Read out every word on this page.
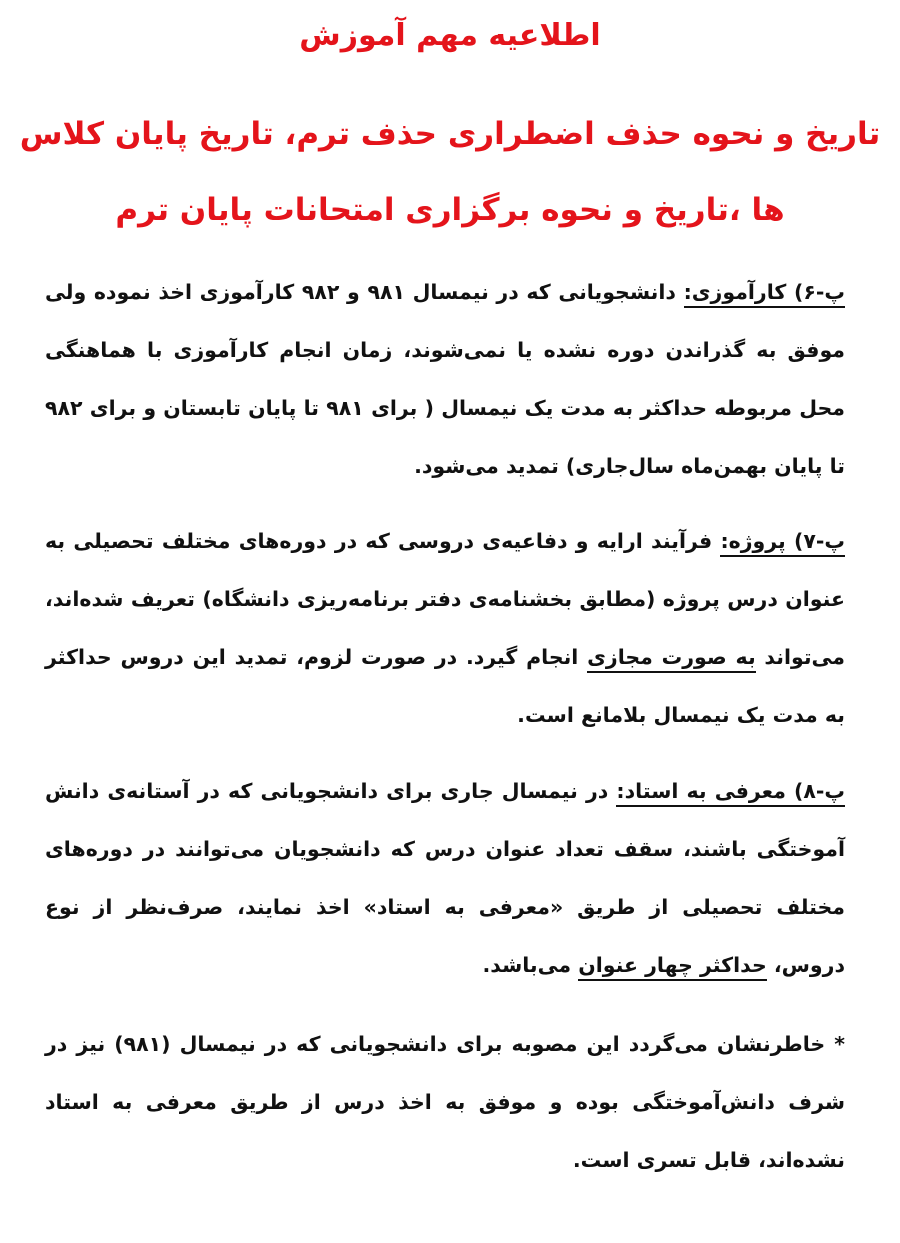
اطلاعیه مهم آموزش
تاریخ و نحوه حذف اضطراری حذف ترم، تاریخ پایان کلاس
ها ،تاریخ و نحوه برگزاری امتحانات پایان ترم

پ-۶) کارآموزی: دانشجویانی که در نیمسال ۹۸۱ و ۹۸۲ کارآموزی اخذ نموده ولی موفق به گذراندن دوره نشده یا نمی‌شوند، زمان انجام کارآموزی با هماهنگی محل مربوطه حداکثر به مدت یک نیمسال ( برای ۹۸۱ تا پایان تابستان و برای ۹۸۲ تا پایان بهمن‌ماه سال‌جاری) تمدید می‌شود.

پ-۷) پروژه: فرآیند ارایه و دفاعیه‌ی دروسی که در دوره‌های مختلف تحصیلی به عنوان درس پروژه (مطابق بخشنامه‌ی دفتر برنامه‌ریزی دانشگاه) تعریف شده‌اند، می‌تواند به صورت مجازی انجام گیرد. در صورت لزوم، تمدید این دروس حداکثر به مدت یک نیمسال بلامانع است.

پ-۸) معرفی به استاد: در نیمسال جاری برای دانشجویانی که در آستانه‌ی دانش آموختگی باشند، سقف تعداد عنوان درس که دانشجویان می‌توانند در دوره‌های مختلف تحصیلی از طریق «معرفی به استاد» اخذ نمایند، صرف‌نظر از نوع دروس، حداکثر چهار عنوان می‌باشد.

* خاطرنشان می‌گردد این مصوبه برای دانشجویانی که در نیمسال (۹۸۱) نیز در شرف دانش‌آموختگی بوده و موفق به اخذ درس از طریق معرفی به استاد نشده‌اند، قابل تسری است.
